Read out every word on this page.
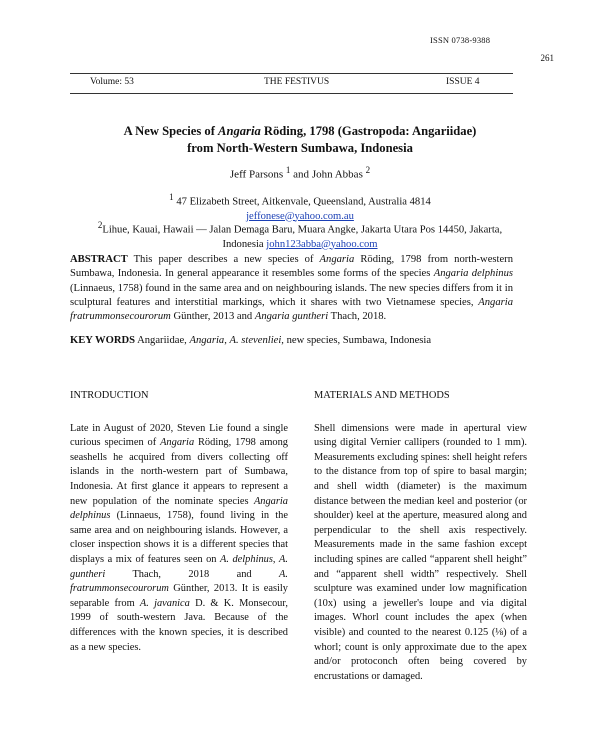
ISSN 0738-9388
261
Volume: 53	THE FESTIVUS	ISSUE 4
A New Species of Angaria Röding, 1798 (Gastropoda: Angariidae)
from North-Western Sumbawa, Indonesia
Jeff Parsons $^1$ and John Abbas $^2$
$^1$ 47 Elizabeth Street, Aitkenvale, Queensland, Australia 4814
jeffonese@yahoo.com.au
$^2$Lihue, Kauai, Hawaii — Jalan Demaga Baru, Muara Angke, Jakarta Utara Pos 14450, Jakarta,
Indonesia john123abba@yahoo.com
ABSTRACT This paper describes a new species of Angaria Röding, 1798 from north-western Sumbawa, Indonesia. In general appearance it resembles some forms of the species Angaria delphinus (Linnaeus, 1758) found in the same area and on neighbouring islands. The new species differs from it in sculptural features and interstitial markings, which it shares with two Vietnamese species, Angaria fratrummonsecourorum Günther, 2013 and Angaria guntheri Thach, 2018.
KEY WORDS Angariidae, Angaria, A. stevenliei, new species, Sumbawa, Indonesia
INTRODUCTION
Late in August of 2020, Steven Lie found a single curious specimen of Angaria Röding, 1798 among seashells he acquired from divers collecting off islands in the north-western part of Sumbawa, Indonesia. At first glance it appears to represent a new population of the nominate species Angaria delphinus (Linnaeus, 1758), found living in the same area and on neighbouring islands. However, a closer inspection shows it is a different species that displays a mix of features seen on A. delphinus, A. guntheri Thach, 2018 and A. fratrummonsecourorum Günther, 2013. It is easily separable from A. javanica D. & K. Monsecour, 1999 of south-western Java. Because of the differences with the known species, it is described as a new species.
MATERIALS AND METHODS
Shell dimensions were made in apertural view using digital Vernier callipers (rounded to 1 mm). Measurements excluding spines: shell height refers to the distance from top of spire to basal margin; and shell width (diameter) is the maximum distance between the median keel and posterior (or shoulder) keel at the aperture, measured along and perpendicular to the shell axis respectively. Measurements made in the same fashion except including spines are called “apparent shell height” and “apparent shell width” respectively. Shell sculpture was examined under low magnification (10x) using a jeweller's loupe and via digital images. Whorl count includes the apex (when visible) and counted to the nearest 0.125 (⅛) of a whorl; count is only approximate due to the apex and/or protoconch often being covered by encrustations or damaged.
